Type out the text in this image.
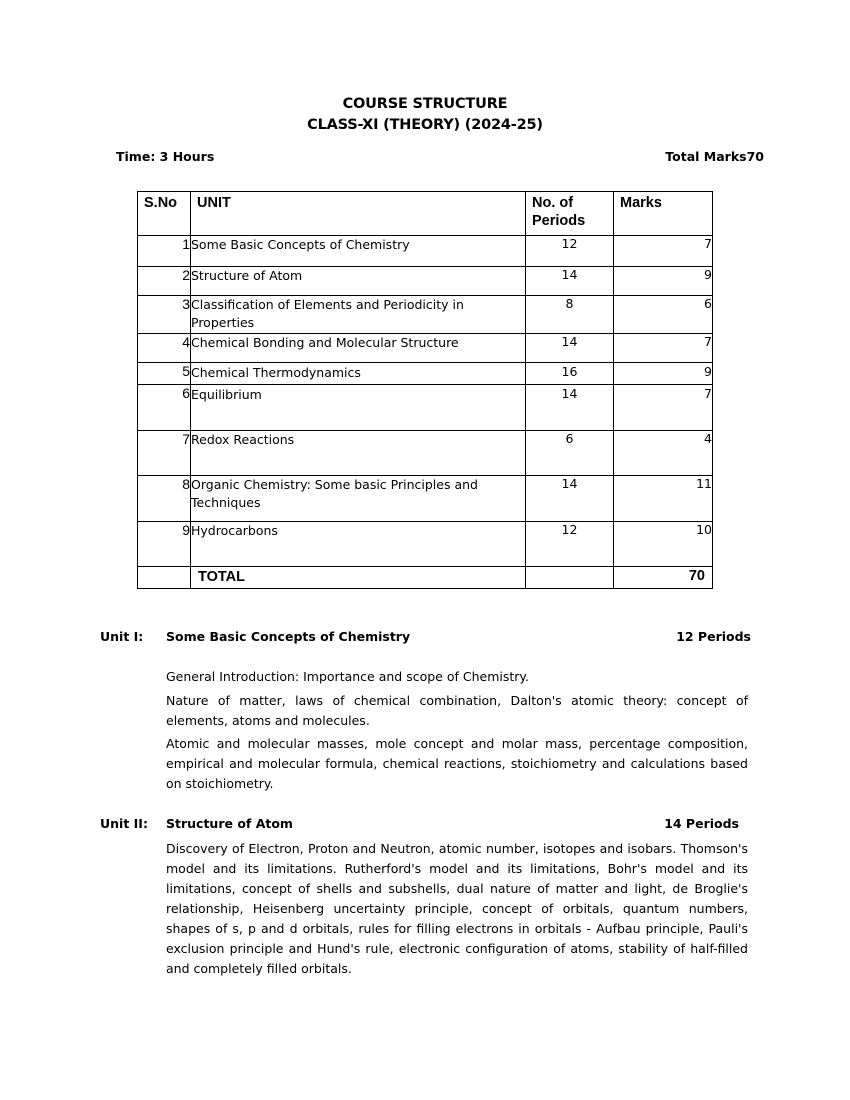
COURSE STRUCTURE
CLASS-XI (THEORY) (2024-25)
Time: 3 Hours	Total Marks70
S.No	UNIT	No. of Periods	Marks
1	Some Basic Concepts of Chemistry	12	7
2	Structure of Atom	14	9
3	Classification of Elements and Periodicity in Properties	8	6
4	Chemical Bonding and Molecular Structure	14	7
5	Chemical Thermodynamics	16	9
6	Equilibrium	14	7
7	Redox Reactions	6	4
8	Organic Chemistry: Some basic Principles and Techniques	14	11
9	Hydrocarbons	12	10
	TOTAL		70
Unit I: Some Basic Concepts of Chemistry	12 Periods
General Introduction: Importance and scope of Chemistry.
Nature of matter, laws of chemical combination, Dalton's atomic theory: concept of elements, atoms and molecules.
Atomic and molecular masses, mole concept and molar mass, percentage composition, empirical and molecular formula, chemical reactions, stoichiometry and calculations based on stoichiometry.
Unit II: Structure of Atom	14 Periods
Discovery of Electron, Proton and Neutron, atomic number, isotopes and isobars. Thomson's model and its limitations. Rutherford's model and its limitations, Bohr's model and its limitations, concept of shells and subshells, dual nature of matter and light, de Broglie's relationship, Heisenberg uncertainty principle, concept of orbitals, quantum numbers, shapes of s, p and d orbitals, rules for filling electrons in orbitals - Aufbau principle, Pauli's exclusion principle and Hund's rule, electronic configuration of atoms, stability of half-filled and completely filled orbitals.
